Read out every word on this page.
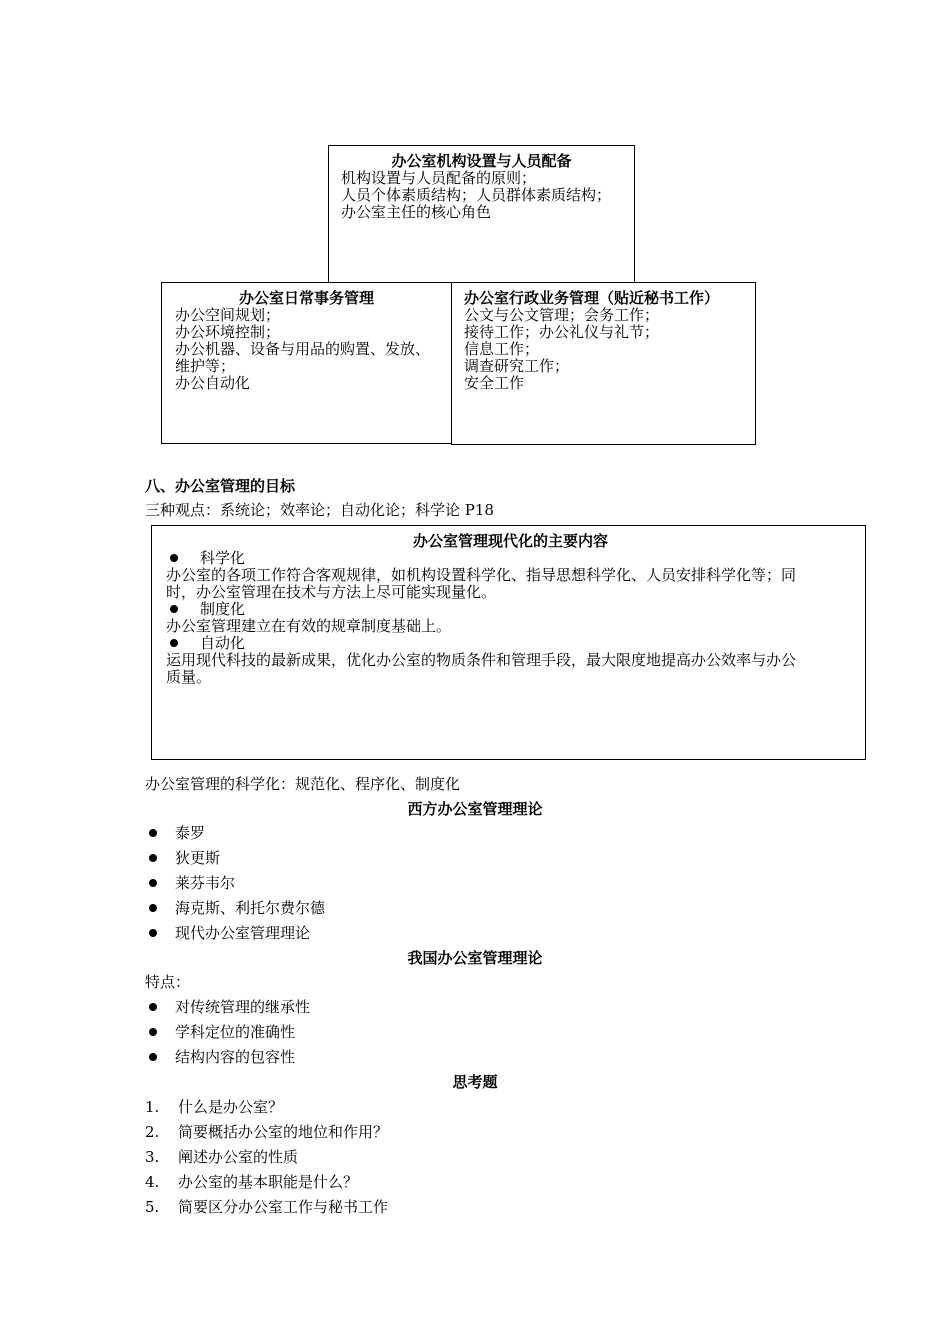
办公室机构设置与人员配备
机构设置与人员配备的原则；
人员个体素质结构；人员群体素质结构；
办公室主任的核心角色
办公室日常事务管理
办公空间规划；
办公环境控制；
办公机器、设备与用品的购置、发放、
维护等；
办公自动化
办公室行政业务管理（贴近秘书工作）
公文与公文管理；会务工作；
接待工作；办公礼仪与礼节；
信息工作；
调查研究工作；
安全工作
八、办公室管理的目标
三种观点：系统论；效率论；自动化论；科学论 P18
办公室管理现代化的主要内容
科学化
办公室的各项工作符合客观规律，如机构设置科学化、指导思想科学化、人员安排科学化等；同
时，办公室管理在技术与方法上尽可能实现量化。
制度化
办公室管理建立在有效的规章制度基础上。
自动化
运用现代科技的最新成果，优化办公室的物质条件和管理手段，最大限度地提高办公效率与办公
质量。
办公室管理的科学化：规范化、程序化、制度化
西方办公室管理理论
泰罗
狄更斯
莱芬韦尔
海克斯、利托尔费尔德
现代办公室管理理论
我国办公室管理理论
特点：
对传统管理的继承性
学科定位的准确性
结构内容的包容性
思考题
1. 什么是办公室？
2. 简要概括办公室的地位和作用？
3. 阐述办公室的性质
4. 办公室的基本职能是什么？
5. 简要区分办公室工作与秘书工作
